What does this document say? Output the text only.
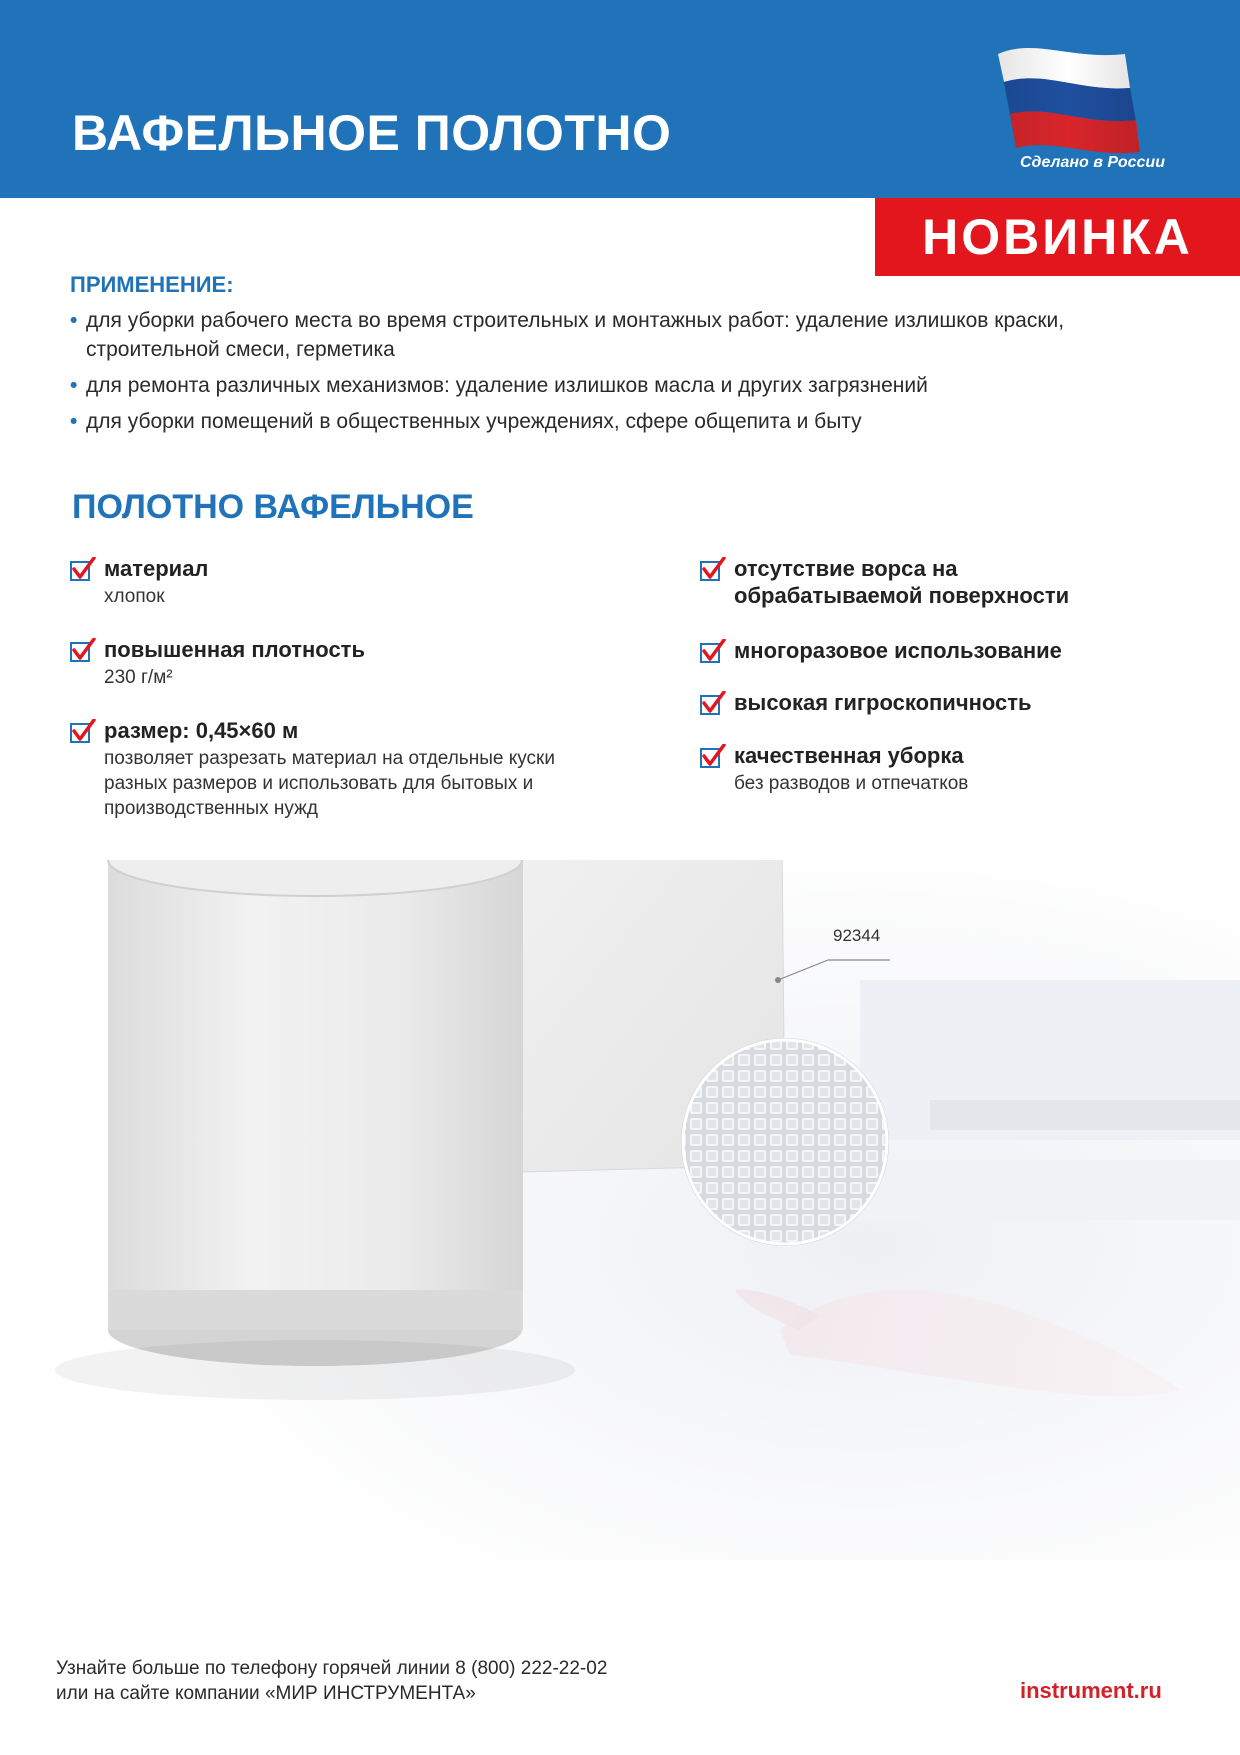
ВАФЕЛЬНОЕ ПОЛОТНО
Сделано в России
НОВИНКА
ПРИМЕНЕНИЕ:
• для уборки рабочего места во время строительных и монтажных работ: удаление излишков краски, строительной смеси, герметика
• для ремонта различных механизмов: удаление излишков масла и других загрязнений
• для уборки помещений в общественных учреждениях, сфере общепита и быту
ПОЛОТНО ВАФЕЛЬНОЕ
материал
хлопок
повышенная плотность
230 г/м²
размер: 0,45×60 м
позволяет разрезать материал на отдельные куски разных размеров и использовать для бытовых и производственных нужд
отсутствие ворса на обрабатываемой поверхности
многоразовое использование
высокая гигроскопичность
качественная уборка
без разводов и отпечатков
92344
Узнайте больше по телефону горячей линии 8 (800) 222-22-02
или на сайте компании «МИР ИНСТРУМЕНТА»	instrument.ru
